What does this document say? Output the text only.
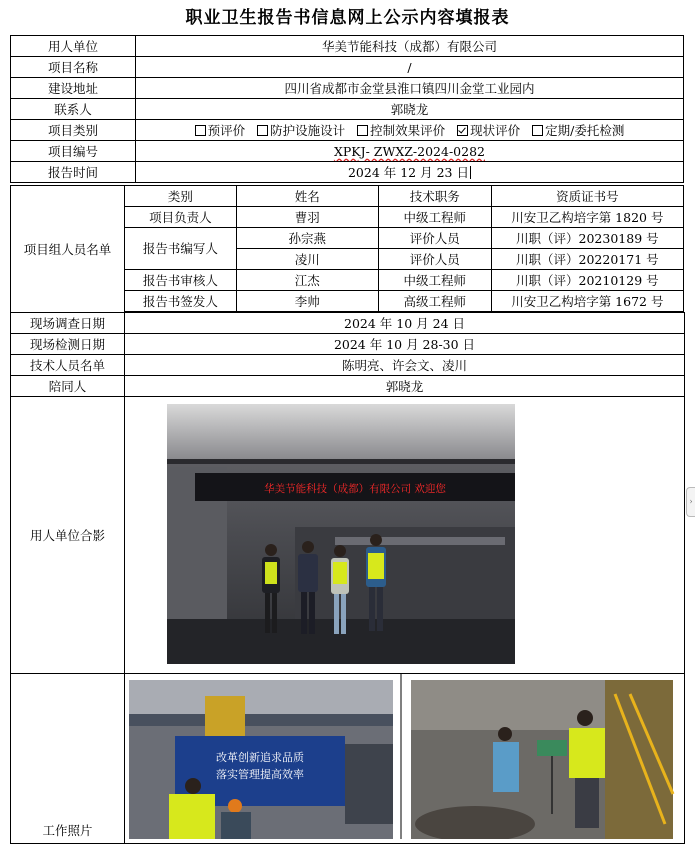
职业卫生报告书信息网上公示内容填报表
用人单位	华美节能科技（成都）有限公司
项目名称	/
建设地址	四川省成都市金堂县淮口镇四川金堂工业园内
联系人	郭晓龙
项目类别	预评价 防护设施设计 控制效果评价 现状评价 定期/委托检测
项目编号	XPKJ- ZWXZ-2024-0282
报告时间	2024 年 12 月 23 日
类别	姓名	技术职务	资质证书号
项目负责人	曹羽	中级工程师	川安卫乙构培字第 1820 号
报告书编写人	孙宗燕	评价人员	川职（评）20230189 号
	凌川	评价人员	川职（评）20220171 号
报告书审核人	江杰	中级工程师	川职（评）20210129 号
报告书签发人	李帅	高级工程师	川安卫乙构培字第 1672 号
项目组人员名单
现场调查日期	2024 年 10 月 24 日
现场检测日期	2024 年 10 月 28-30 日
技术人员名单	陈明亮、许会文、凌川
陪同人	郭晓龙
用人单位合影	华美节能科技（成都）有限公司 欢迎您

工作照片	改革创新追求品质
落实管理提高效率
›
